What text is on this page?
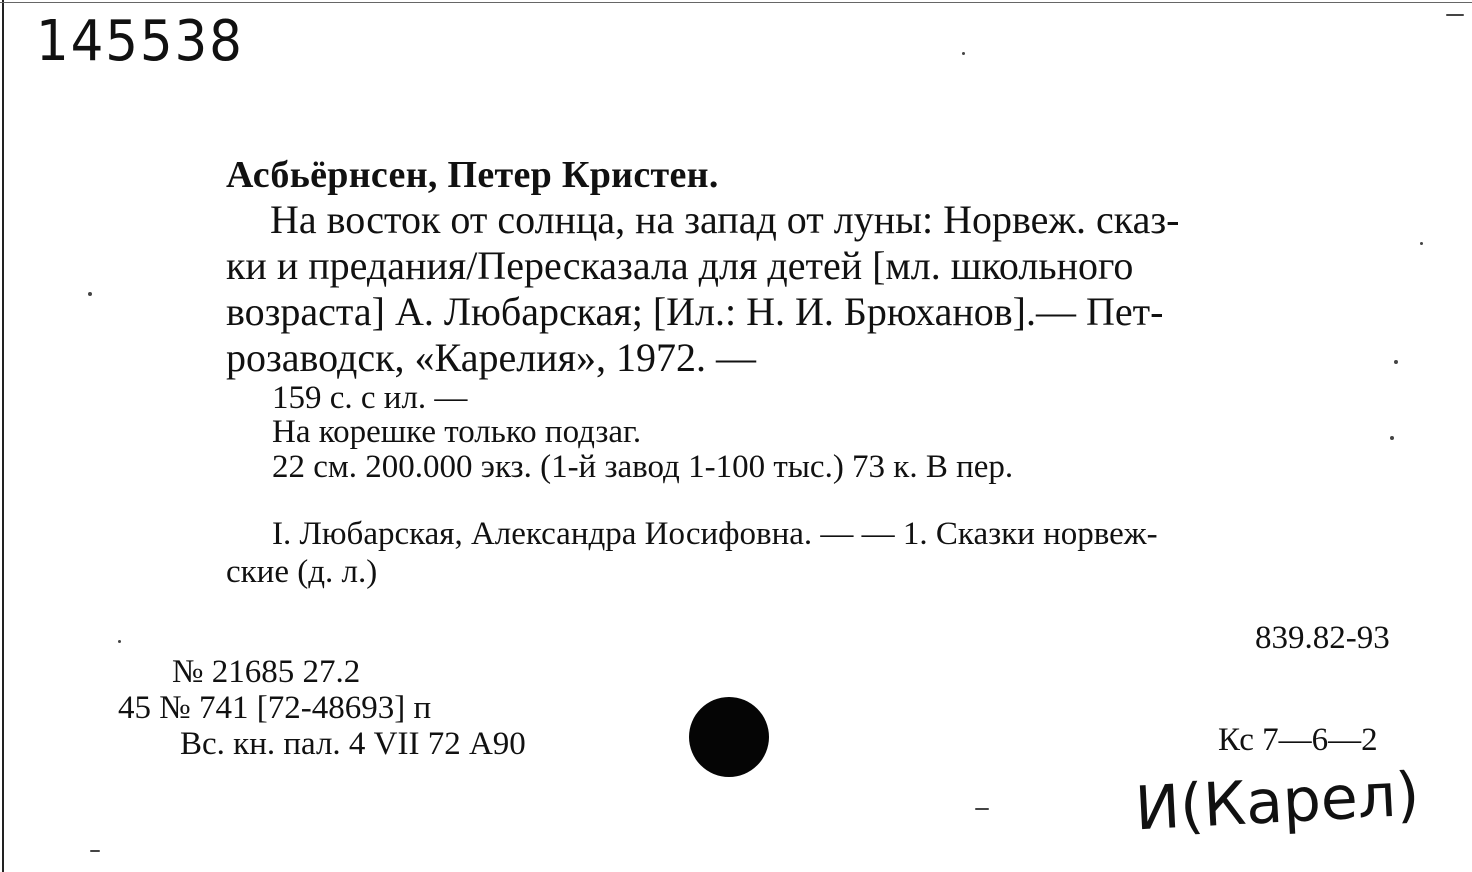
145538
Асбьёрнсен, Петер Кристен.
На восток от солнца, на запад от луны: Норвеж. сказ-
ки и предания/Пересказала для детей [мл. школьного
возраста] А. Любарская; [Ил.: Н. И. Брюханов].— Пет-
розаводск, «Карелия», 1972. —
159 с. с ил. —
На корешке только подзаг.
22 см. 200.000 экз. (1-й завод 1-100 тыс.) 73 к. В пер.
I. Любарская, Александра Иосифовна. — — 1. Сказки норвеж-
ские (д. л.)
839.82-93
№ 21685 27.2
45 № 741 [72-48693] п
Вс. кн. пал. 4 VII 72 А90	Кс 7—6—2
И(Карел)
